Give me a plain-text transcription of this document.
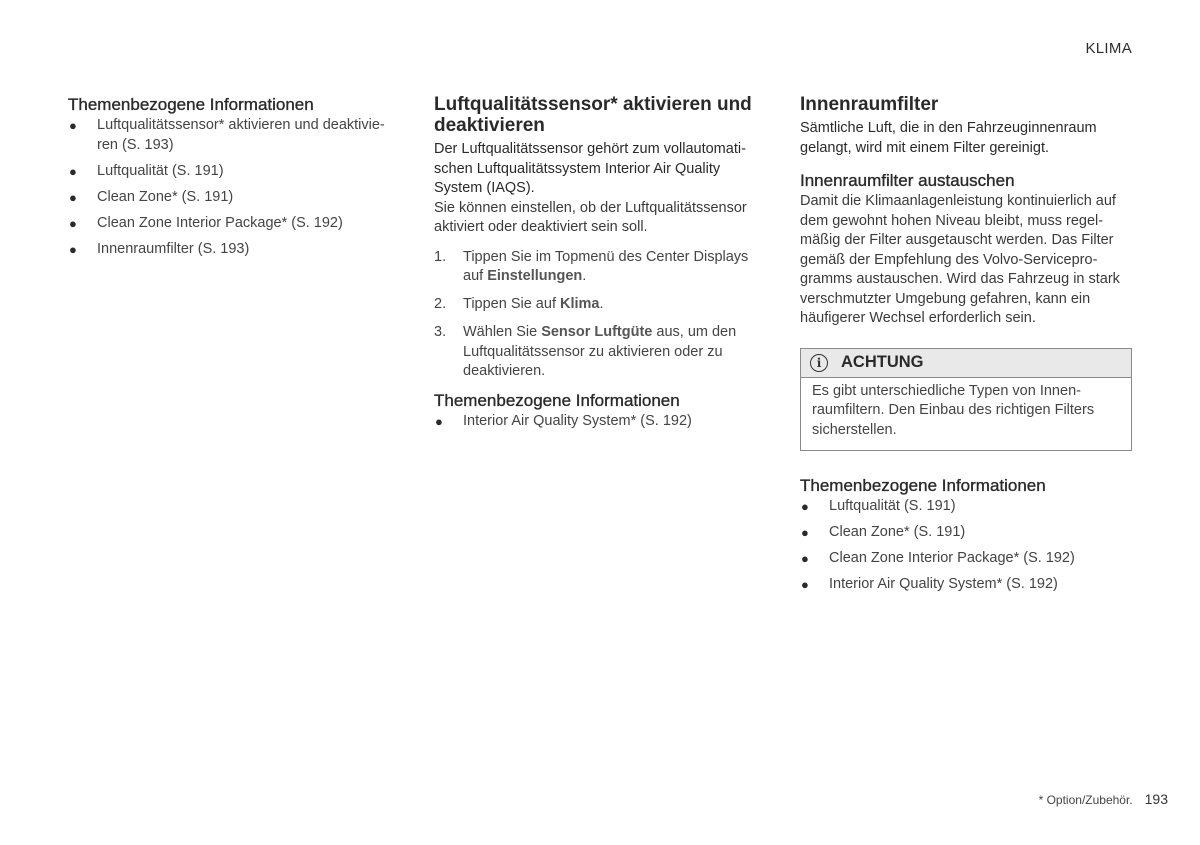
KLIMA
Themenbezogene Informationen
● Luftqualitätssensor* aktivieren und deaktivie-
ren (S. 193)
● Luftqualität (S. 191)
● Clean Zone* (S. 191)
● Clean Zone Interior Package* (S. 192)
● Innenraumfilter (S. 193)
Luftqualitätssensor* aktivieren und deaktivieren

Der Luftqualitätssensor gehört zum vollautomati-schen Luftqualitätssystem Interior Air Quality System (IAQS).

Sie können einstellen, ob der Luftqualitätssensor aktiviert oder deaktiviert sein soll.

1. Tippen Sie im Topmenü des Center Displays auf Einstellungen.
2. Tippen Sie auf Klima.
3. Wählen Sie Sensor Luftgüte aus, um den Luftqualitätssensor zu aktivieren oder zu deaktivieren.
Themenbezogene Informationen
● Interior Air Quality System* (S. 192)
Innenraumfilter

Sämtliche Luft, die in den Fahrzeuginnenraum gelangt, wird mit einem Filter gereinigt.

Innenraumfilter austauschen

Damit die Klimaanlagenleistung kontinuierlich auf dem gewohnt hohen Niveau bleibt, muss regel-mäßig der Filter ausgetauscht werden. Das Filter gemäß der Empfehlung des Volvo-Servicepro-gramms austauschen. Wird das Fahrzeug in stark verschmutzter Umgebung gefahren, kann ein häufigerer Wechsel erforderlich sein.

i	ACHTUNG

Es gibt unterschiedliche Typen von Innen-raumfiltern. Den Einbau des richtigen Filters sicherstellen.

Themenbezogene Informationen
● Luftqualität (S. 191)
● Clean Zone* (S. 191)
● Clean Zone Interior Package* (S. 192)
● Interior Air Quality System* (S. 192)
* Option/Zubehör. 193
